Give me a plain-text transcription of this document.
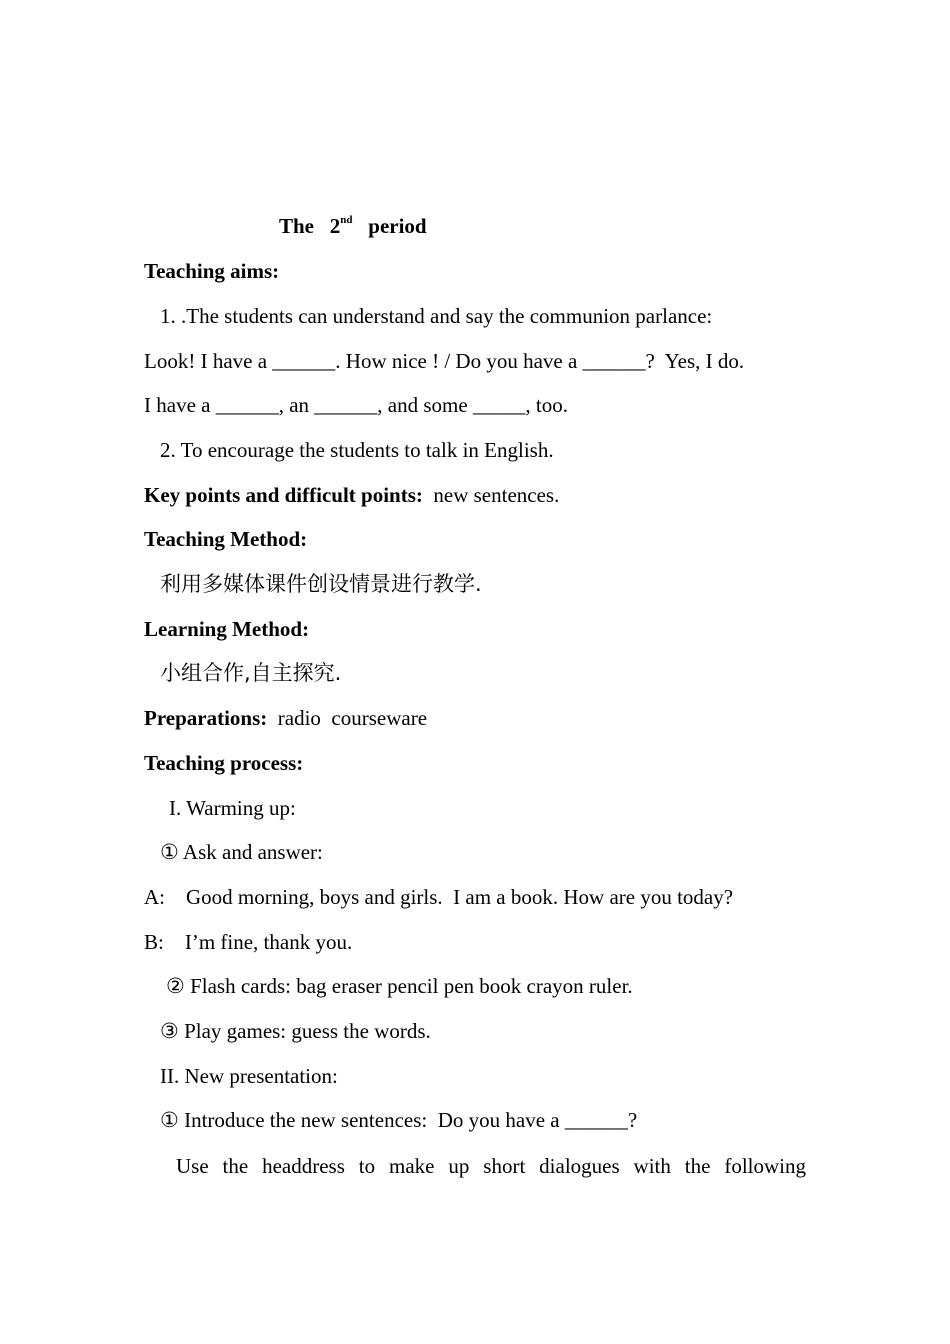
The 2nd period
Teaching aims:
1. .The students can understand and say the communion parlance:
Look! I have a ______. How nice ! / Do you have a ______?  Yes, I do.
I have a ______, an ______, and some _____, too.
2. To encourage the students to talk in English.
Key points and difficult points: new sentences.
Teaching Method:
利用多媒体课件创设情景进行教学.
Learning Method:
小组合作,自主探究.
Preparations: radio  courseware
Teaching process:
I. Warming up:
① Ask and answer:
A:    Good morning, boys and girls.  I am a book. How are you today?
B:    I’m fine, thank you.
② Flash cards: bag eraser pencil pen book crayon ruler.
③ Play games: guess the words.
II. New presentation:
① Introduce the new sentences:  Do you have a ______?
Use the headdress to make up short dialogues with the following
